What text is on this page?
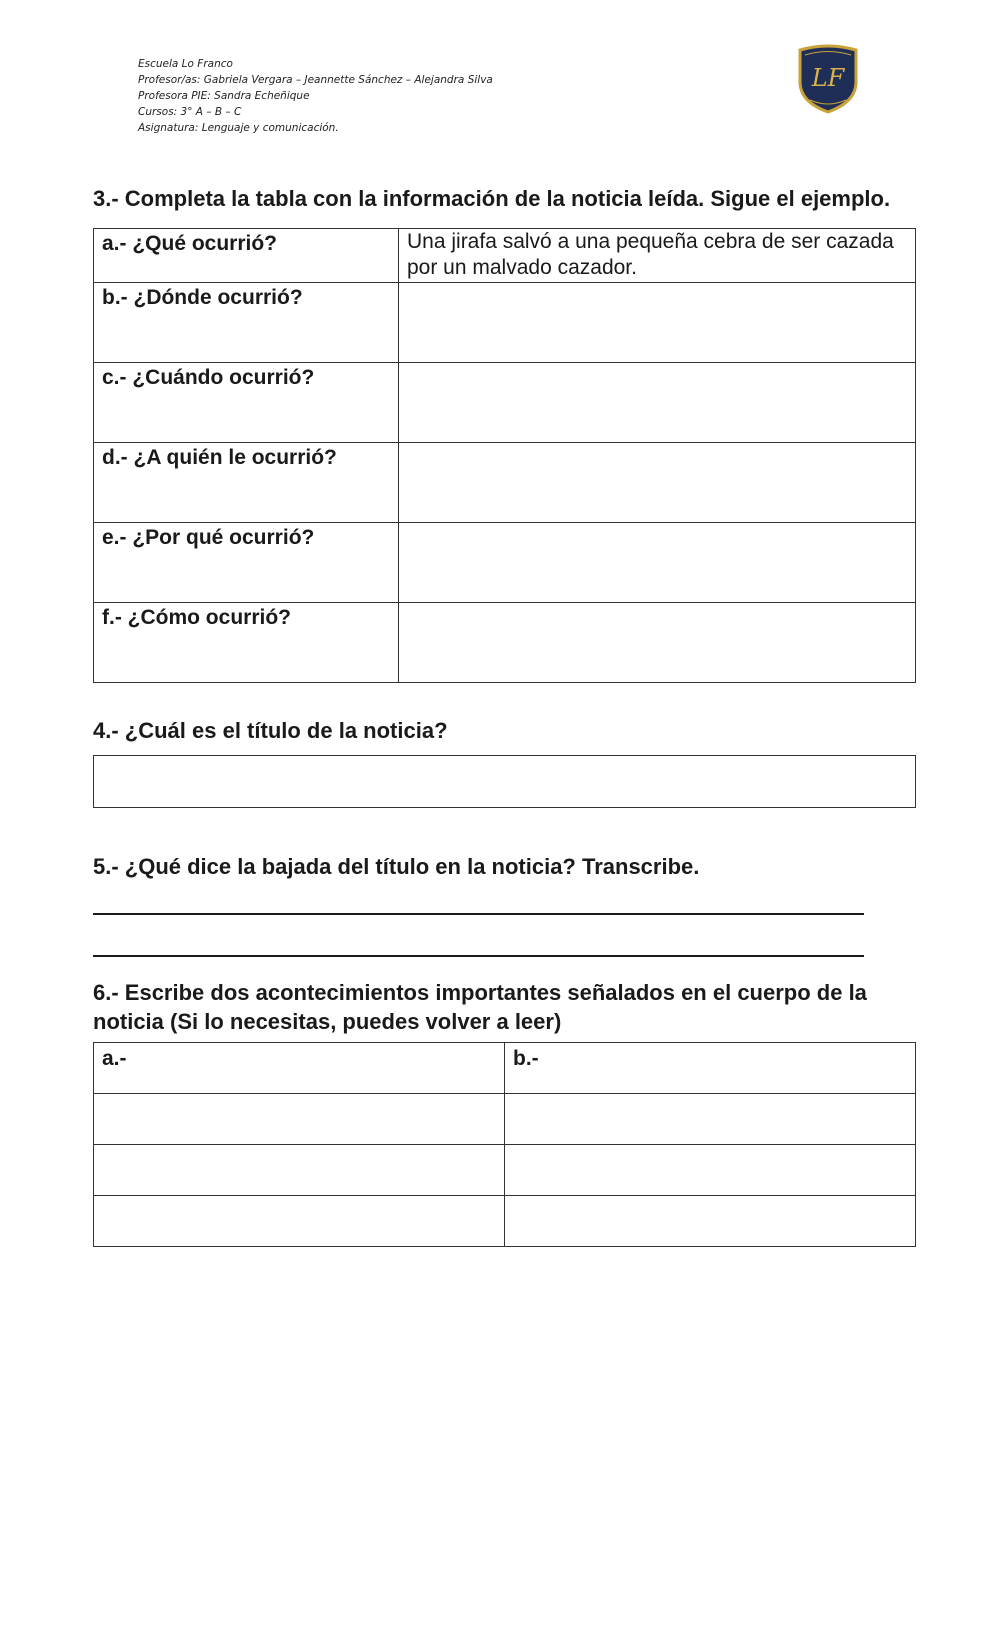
Escuela Lo Franco
Profesor/as: Gabriela Vergara – Jeannette Sánchez – Alejandra Silva
Profesora PIE: Sandra Echeñique
Cursos: 3° A – B – C
Asignatura: Lenguaje y comunicación.
LF
3.- Completa la tabla con la información de la noticia leída. Sigue el ejemplo.
a.- ¿Qué ocurrió?	Una jirafa salvó a una pequeña cebra de ser cazada por un malvado cazador.
b.- ¿Dónde ocurrió?	
c.- ¿Cuándo ocurrió?	
d.- ¿A quién le ocurrió?	
e.- ¿Por qué ocurrió?	
f.- ¿Cómo ocurrió?	
4.- ¿Cuál es el título de la noticia?
5.- ¿Qué dice la bajada del título en la noticia? Transcribe.
6.- Escribe dos acontecimientos importantes señalados en el cuerpo de la noticia (Si lo necesitas, puedes volver a leer)
a.-	b.-
